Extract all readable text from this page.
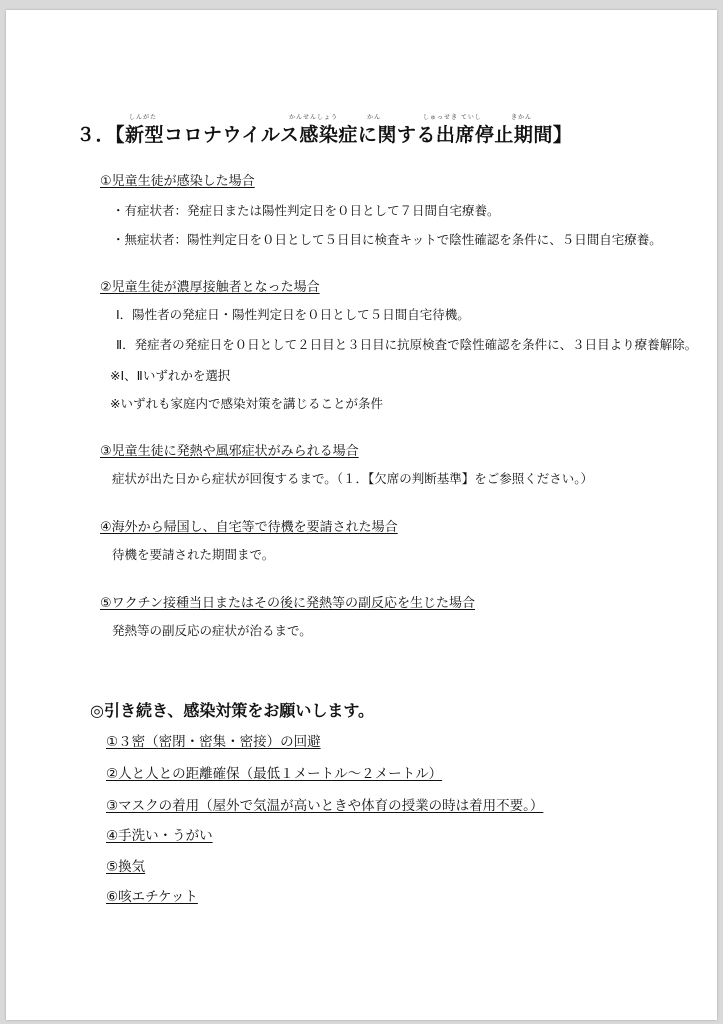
しんがた	かんせんしょう	かん	しゅっせき ていし	きかん
３．【新型コロナウイルス感染症に関する出席停止期間】
①児童生徒が感染した場合
・有症状者：発症日または陽性判定日を０日として７日間自宅療養。
・無症状者：陽性判定日を０日として５日目に検査キットで陰性確認を条件に、５日間自宅療養。
②児童生徒が濃厚接触者となった場合
Ⅰ．陽性者の発症日・陽性判定日を０日として５日間自宅待機。
Ⅱ．発症者の発症日を０日として２日目と３日目に抗原検査で陰性確認を条件に、３日目より療養解除。
※Ⅰ、Ⅱいずれかを選択
※いずれも家庭内で感染対策を講じることが条件
③児童生徒に発熱や風邪症状がみられる場合
症状が出た日から症状が回復するまで。（１．【欠席の判断基準】をご参照ください。）
④海外から帰国し、自宅等で待機を要請された場合
待機を要請された期間まで。
⑤ワクチン接種当日またはその後に発熱等の副反応を生じた場合
発熱等の副反応の症状が治るまで。
◎引き続き、感染対策をお願いします。
①３密（密閉・密集・密接）の回避
②人と人との距離確保（最低１メートル～２メートル）
③マスクの着用（屋外で気温が高いときや体育の授業の時は着用不要。）
④手洗い・うがい
⑤換気
⑥咳エチケット
